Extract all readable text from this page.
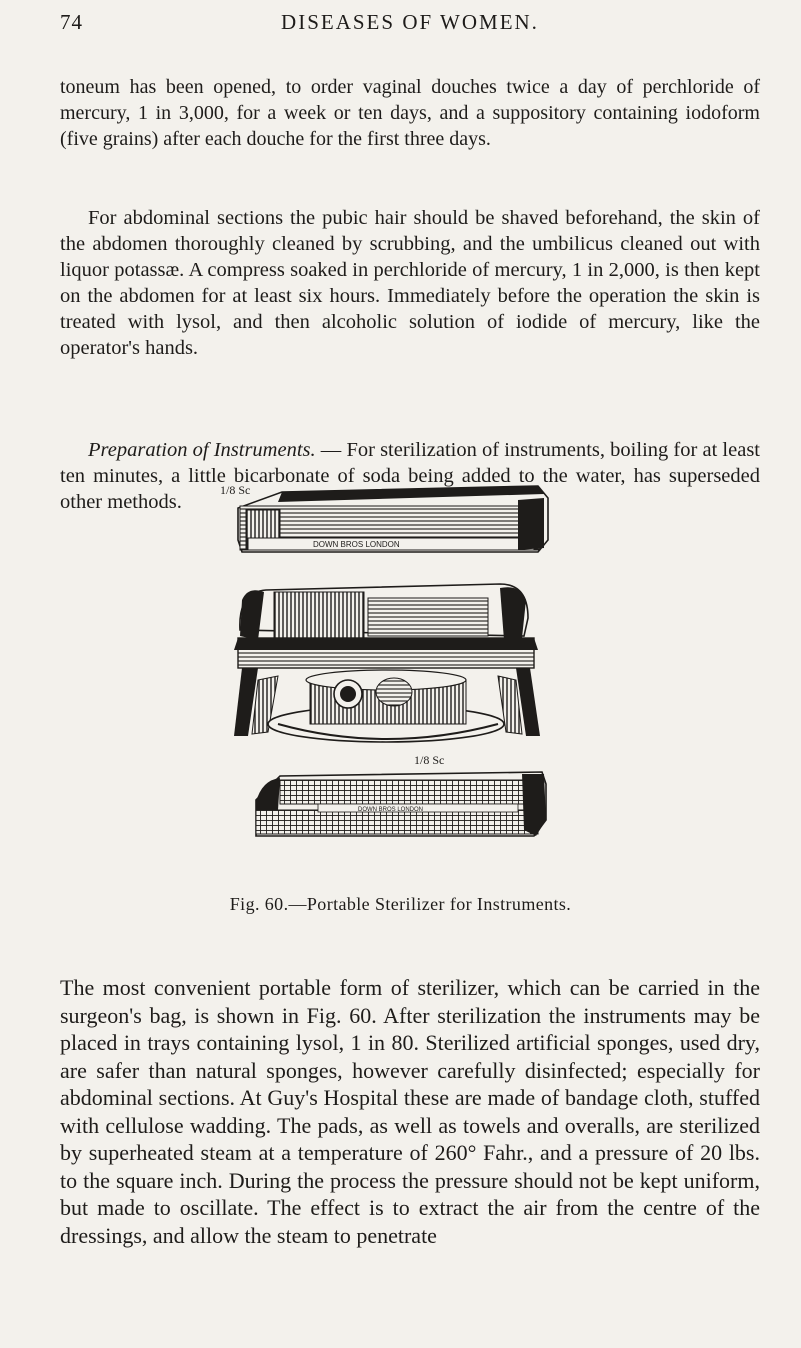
74	DISEASES OF WOMEN.

toneum has been opened, to order vaginal douches twice a day of perchloride of mercury, 1 in 3,000, for a week or ten days, and a suppository containing iodoform (five grains) after each douche for the first three days.

For abdominal sections the pubic hair should be shaved beforehand, the skin of the abdomen thoroughly cleaned by scrubbing, and the umbilicus cleaned out with liquor potassæ. A compress soaked in perchloride of mercury, 1 in 2,000, is then kept on the abdomen for at least six hours. Immediately before the operation the skin is treated with lysol, and then alcoholic solution of iodide of mercury, like the operator's hands.

Preparation of Instruments. — For sterilization of instruments, boiling for at least ten minutes, a little bicarbonate of soda being added to the water, has superseded other methods.

1/8 Sc
DOWN BROS LONDON
1/8 Sc
DOWN BROS LONDON
Fig. 60.—Portable Sterilizer for Instruments.

The most convenient portable form of sterilizer, which can be carried in the surgeon's bag, is shown in Fig. 60. After sterilization the instruments may be placed in trays containing lysol, 1 in 80. Sterilized artificial sponges, used dry, are safer than natural sponges, however carefully disinfected; especially for abdominal sections. At Guy's Hospital these are made of bandage cloth, stuffed with cellulose wadding. The pads, as well as towels and overalls, are sterilized by superheated steam at a temperature of 260° Fahr., and a pressure of 20 lbs. to the square inch. During the process the pressure should not be kept uniform, but made to oscillate. The effect is to extract the air from the centre of the dressings, and allow the steam to penetrate
